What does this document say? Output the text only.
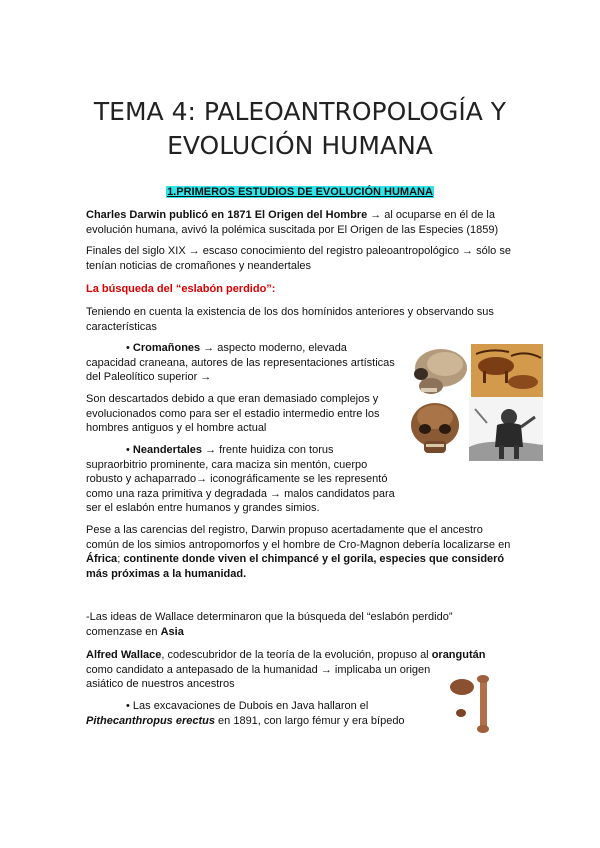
TEMA 4: PALEOANTROPOLOGÍA Y
EVOLUCIÓN HUMANA
1.PRIMEROS ESTUDIOS DE EVOLUCIÓN HUMANA

Charles Darwin publicó en 1871 El Origen del Hombre → al ocuparse en él de la
evolución humana, avivó la polémica suscitada por El Origen de las Especies (1859)

Finales del siglo XIX → escaso conocimiento del registro paleoantropológico → sólo se
tenían noticias de cromañones y neandertales

La búsqueda del “eslabón perdido”:

Teniendo en cuenta la existencia de los dos homínidos anteriores y observando sus
características

• Cromañones → aspecto moderno, elevada
capacidad craneana, autores de las representaciones artísticas
del Paleolítico superior →

Son descartados debido a que eran demasiado complejos y
evolucionados como para ser el estadio intermedio entre los
hombres antiguos y el hombre actual

• Neandertales → frente huidiza con torus
supraorbitrio prominente, cara maciza sin mentón, cuerpo
robusto y achaparrado→ iconográficamente se les representó
como una raza primitiva y degradada → malos candidatos para
ser el eslabón entre humanos y grandes simios.

Pese a las carencias del registro, Darwin propuso acertadamente que el ancestro
común de los simios antropomorfos y el hombre de Cro-Magnon debería localizarse en
África; continente donde viven el chimpancé y el gorila, especies que consideró
más próximas a la humanidad.

-Las ideas de Wallace determinaron que la búsqueda del “eslabón perdido”
comenzase en Asia

Alfred Wallace, codescubridor de la teoría de la evolución, propuso al orangután
como candidato a antepasado de la humanidad → implicaba un origen
asiático de nuestros ancestros

• Las excavaciones de Dubois en Java hallaron el
Pithecanthropus erectus en 1891, con largo fémur y era bípedo
